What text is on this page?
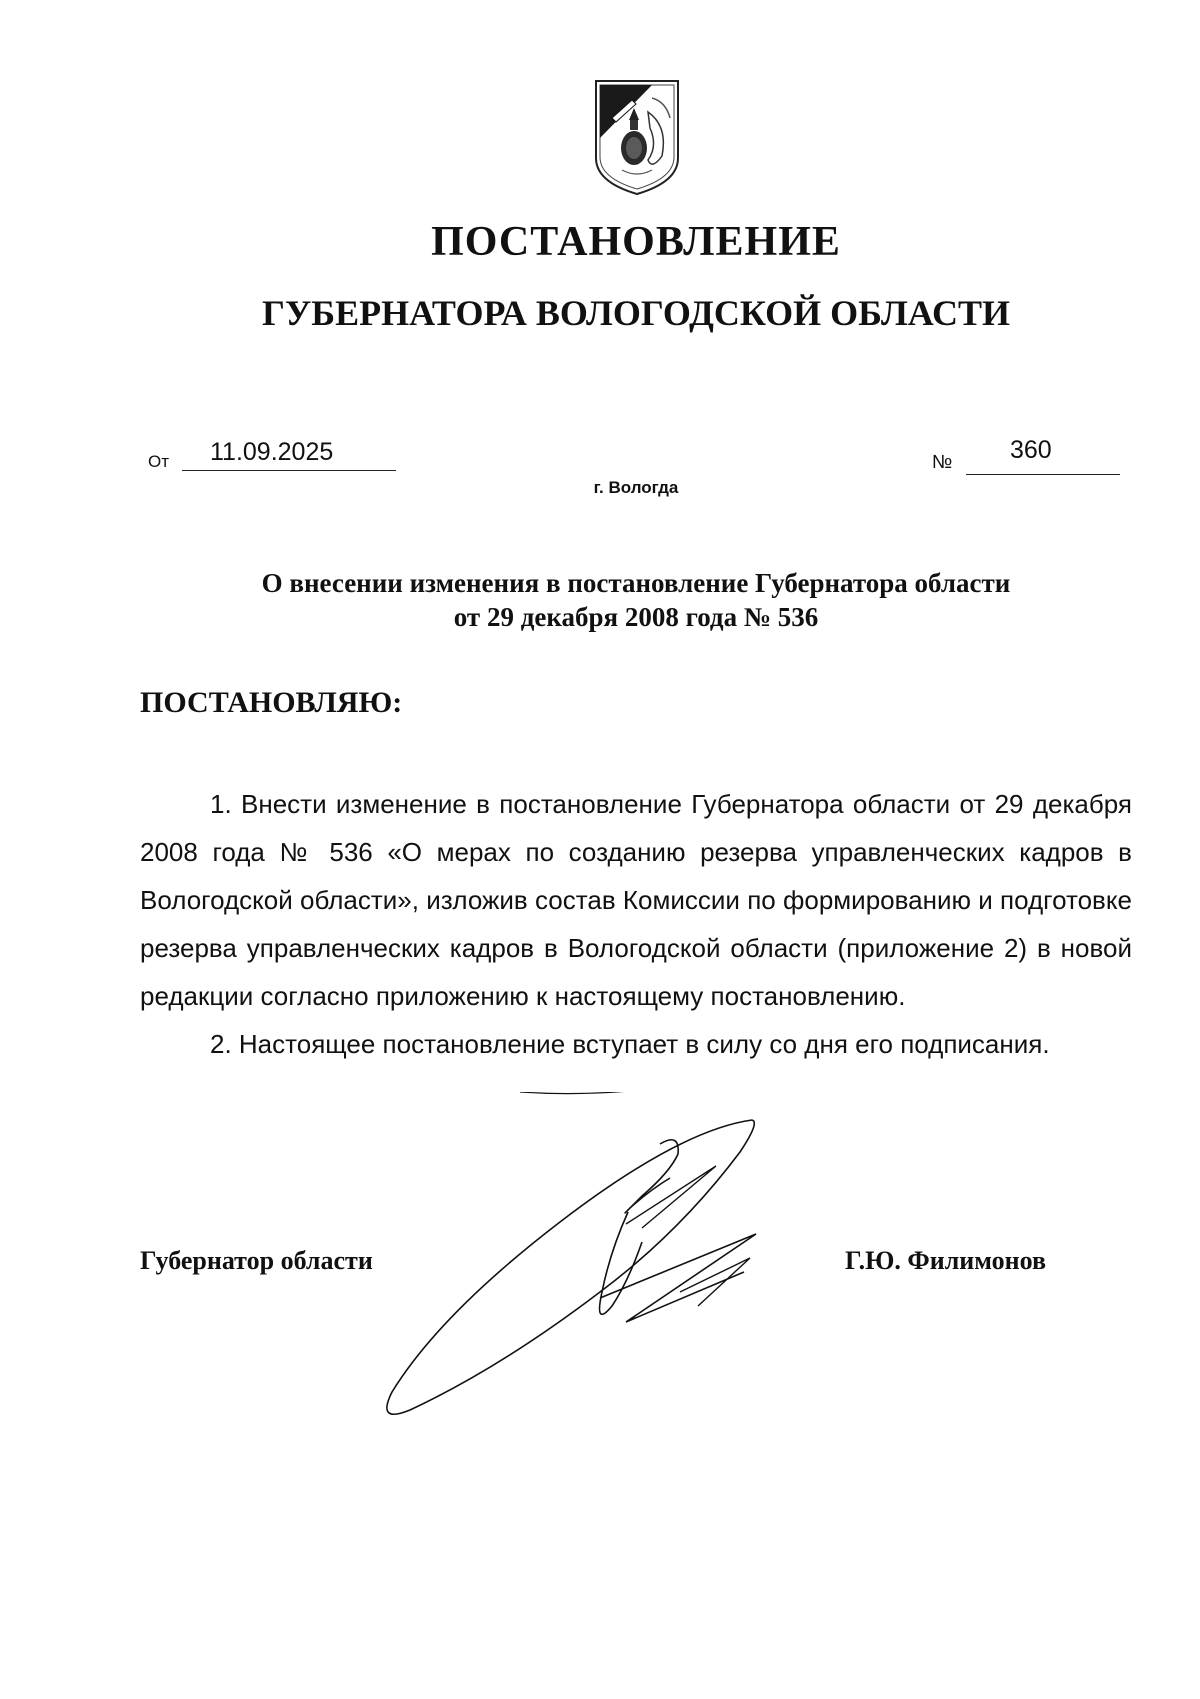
ПОСТАНОВЛЕНИЕ
ГУБЕРНАТОРА ВОЛОГОДСКОЙ ОБЛАСТИ
От 11.09.2025	№ 360
г. Вологда
О внесении изменения в постановление Губернатора области
от 29 декабря 2008 года № 536
ПОСТАНОВЛЯЮ:

1. Внести изменение в постановление Губернатора области от 29 декабря 2008 года № 536 «О мерах по созданию резерва управленческих кадров в Вологодской области», изложив состав Комиссии по формированию и подготовке резерва управленческих кадров в Вологодской области (приложение 2) в новой редакции согласно приложению к настоящему постановлению.

2. Настоящее постановление вступает в силу со дня его подписания.

Губернатор области	Г.Ю. Филимонов
